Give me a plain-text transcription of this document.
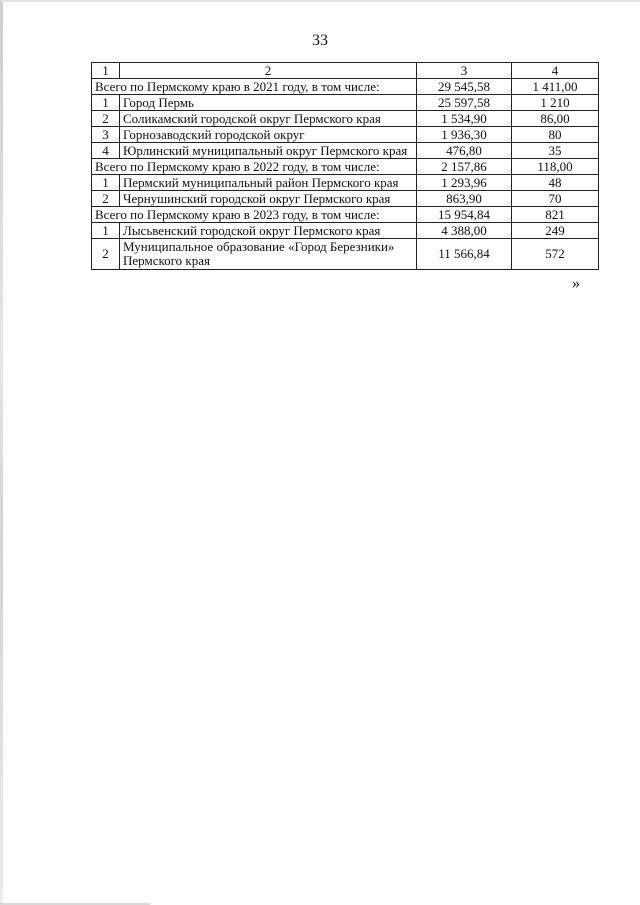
33
1	2	3	4
Всего по Пермскому краю в 2021 году, в том числе:		29 545,58	1 411,00
1	Город Пермь	25 597,58	1 210
2	Соликамский городской округ Пермского края	1 534,90	86,00
3	Горнозаводский городской округ	1 936,30	80
4	Юрлинский муниципальный округ Пермского края	476,80	35
Всего по Пермскому краю в 2022 году, в том числе:		2 157,86	118,00
1	Пермский муниципальный район Пермского края	1 293,96	48
2	Чернушинский городской округ Пермского края	863,90	70
Всего по Пермскому краю в 2023 году, в том числе:		15 954,84	821
1	Лысьвенский городской округ Пермского края	4 388,00	249
2	Муниципальное образование «Город Березники» Пермского края	11 566,84	572
»
